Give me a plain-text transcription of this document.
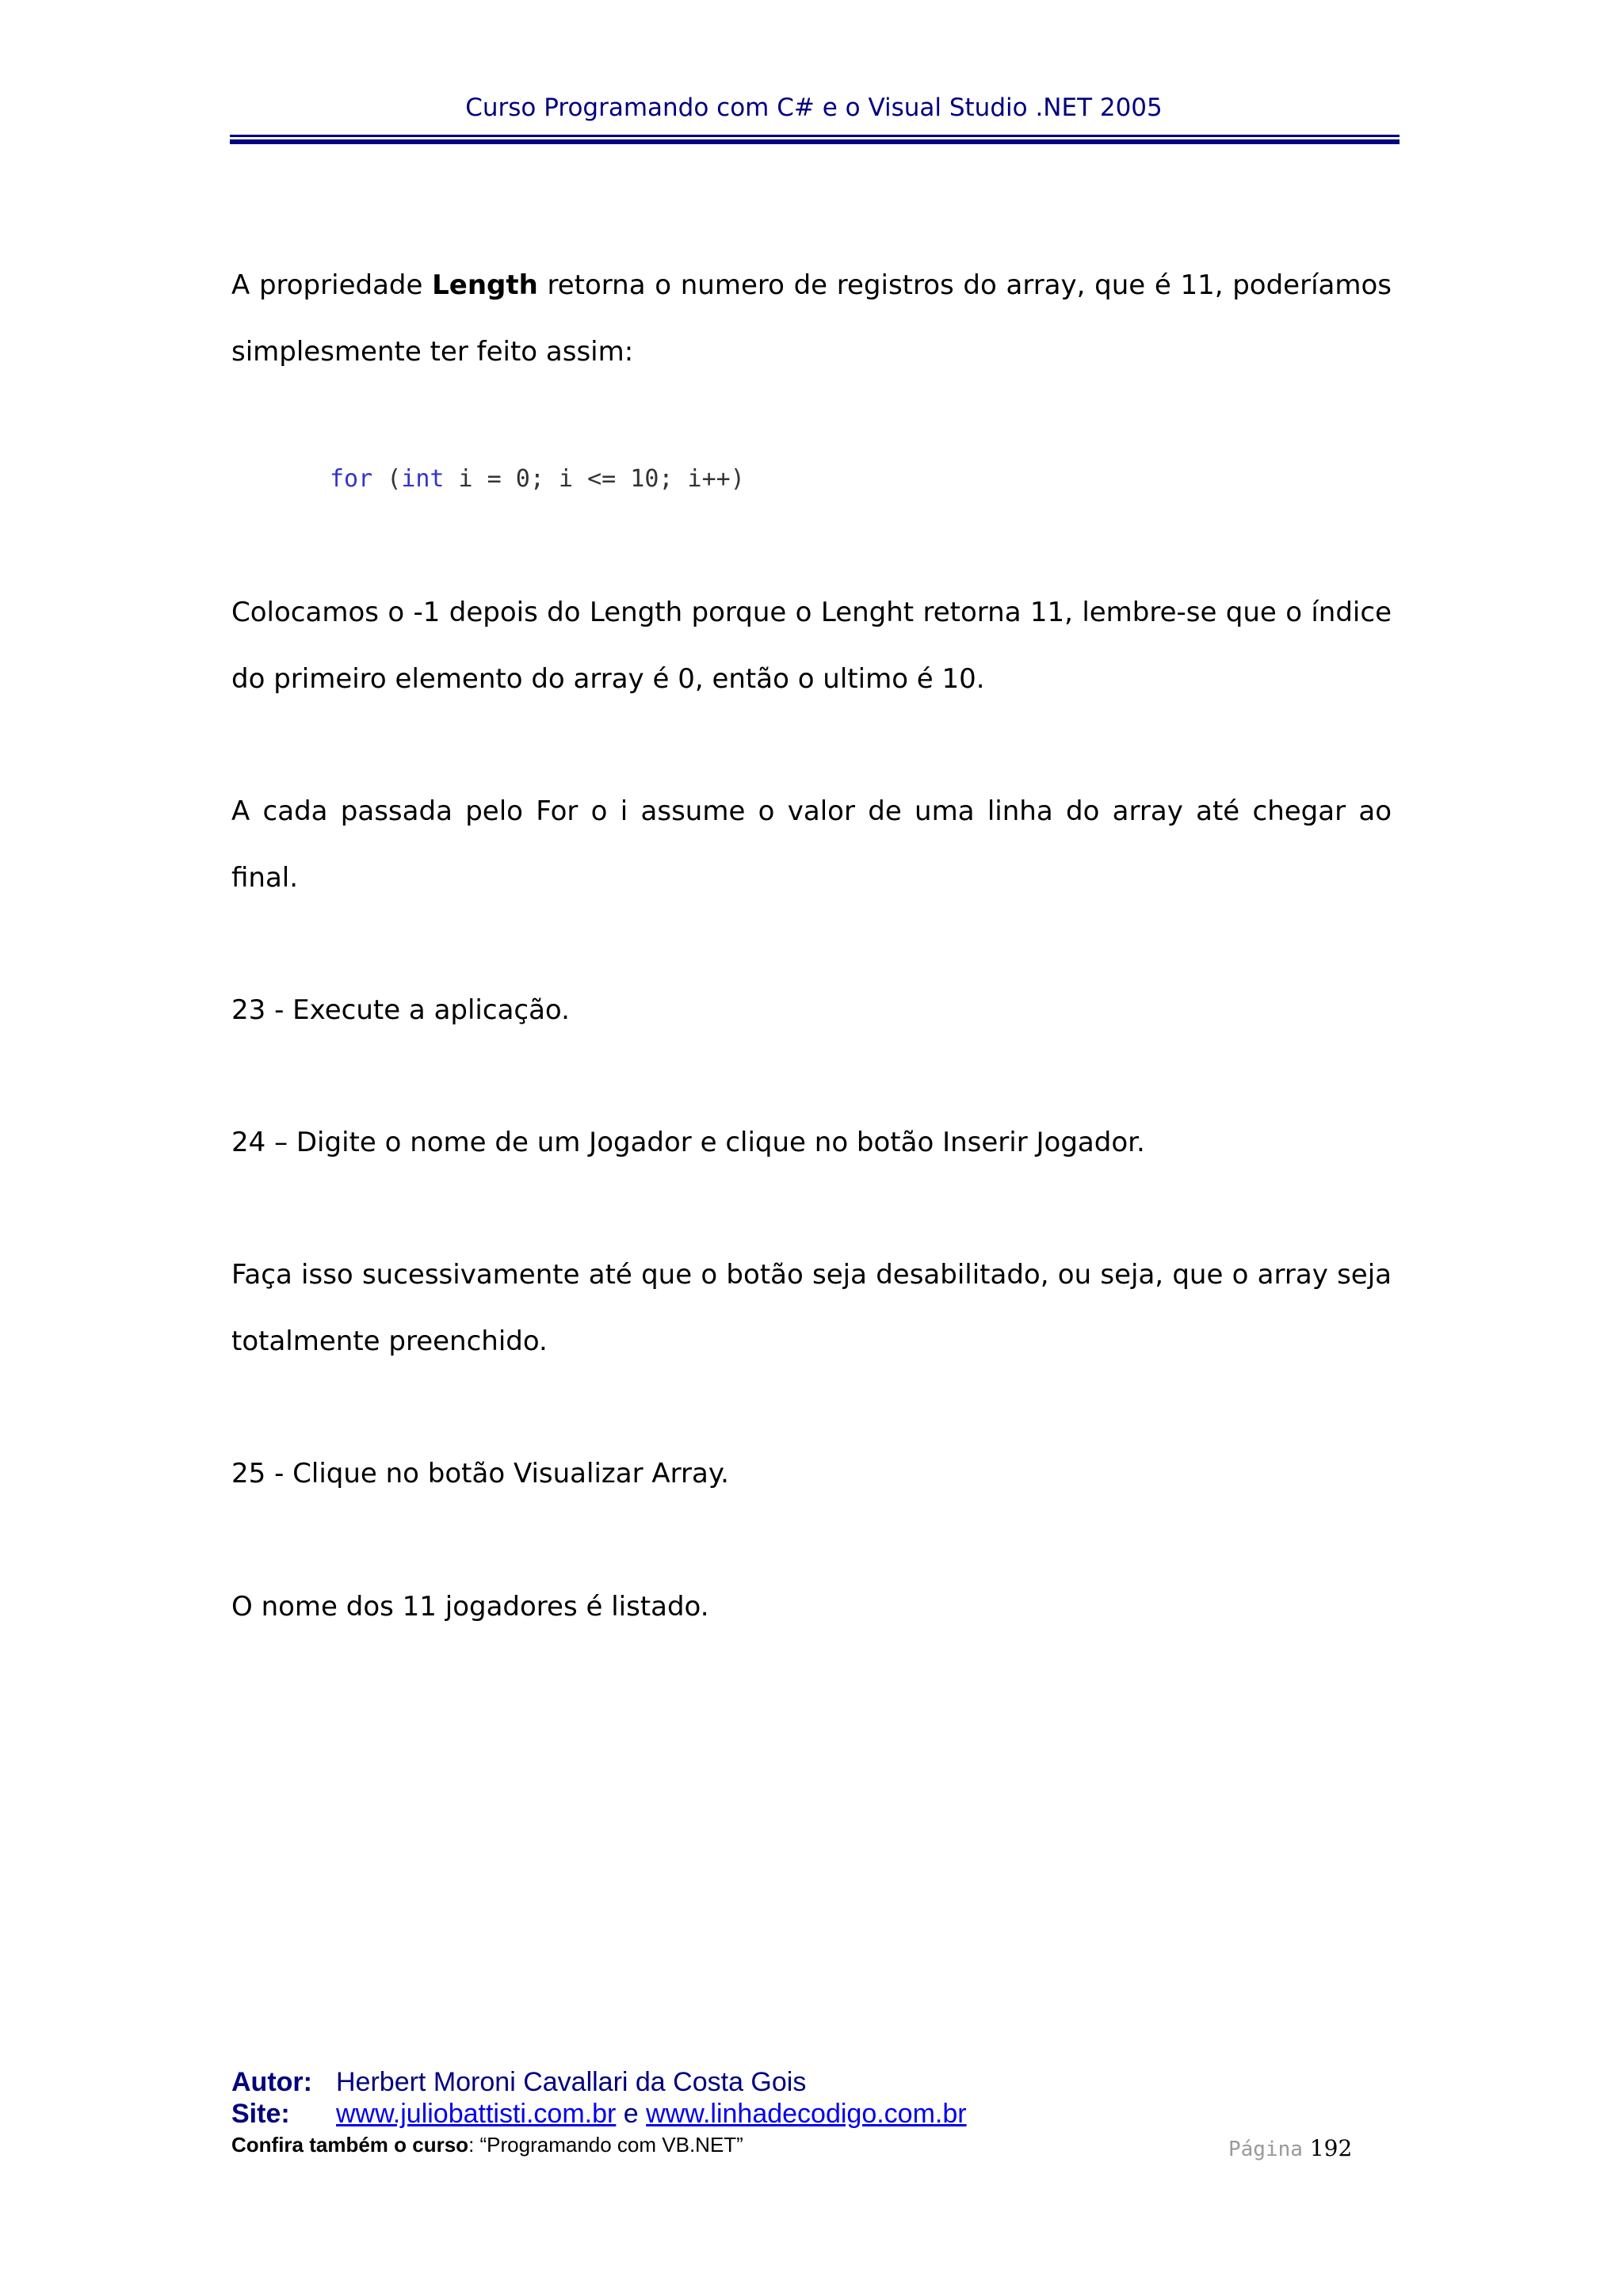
Curso Programando com C# e o Visual Studio .NET 2005

A propriedade Length retorna o numero de registros do array, que é 11, poderíamos simplesmente ter feito assim:

for (int i = 0; i <= 10; i++)

Colocamos o -1 depois do Length porque o Lenght retorna 11, lembre-se que o índice do primeiro elemento do array é 0, então o ultimo é 10.

A cada passada pelo For o i assume o valor de uma linha do array até chegar ao final.

23 - Execute a aplicação.

24 – Digite o nome de um Jogador e clique no botão Inserir Jogador.

Faça isso sucessivamente até que o botão seja desabilitado, ou seja, que o array seja totalmente preenchido.

25 - Clique no botão Visualizar Array.

O nome dos 11 jogadores é listado.

Autor: Herbert Moroni Cavallari da Costa Gois
Site: www.juliobattisti.com.br e www.linhadecodigo.com.br
Confira também o curso: “Programando com VB.NET”	Página 192
